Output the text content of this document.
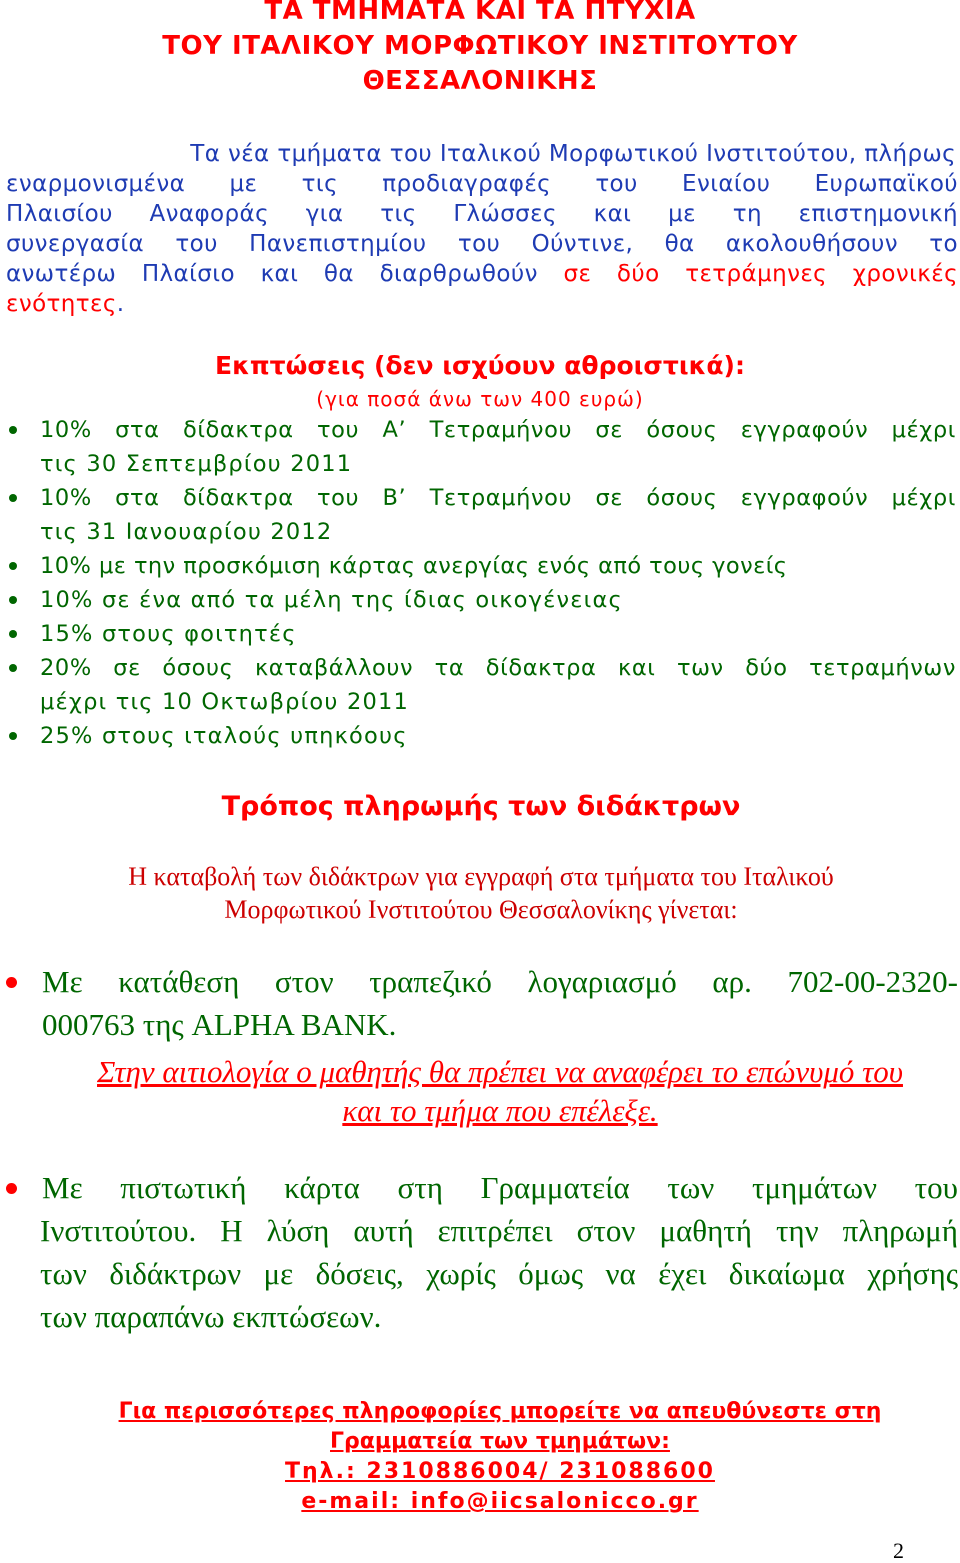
ΤΑ ΤΜΗΜΑΤΑ ΚΑΙ ΤΑ ΠΤΥΧΙΑ
ΤΟΥ ΙΤΑΛΙΚΟΥ ΜΟΡΦΩΤΙΚΟΥ ΙΝΣΤΙΤΟΥΤΟΥ
ΘΕΣΣΑΛΟΝΙΚΗΣ
Τα νέα τμήματα του Ιταλικού Μορφωτικού Ινστιτούτου, πλήρως
εναρμονισμένα με τις προδιαγραφές του Ενιαίου Ευρωπαϊκού
Πλαισίου Αναφοράς για τις Γλώσσες και με τη επιστημονική
συνεργασία του Πανεπιστημίου του Ούντινε, θα ακολουθήσουν το
ανωτέρω Πλαίσιο και θα διαρθρωθούν σε δύο τετράμηνες χρονικές
ενότητες.
Εκπτώσεις (δεν ισχύουν αθροιστικά):
(για ποσά άνω των 400 ευρώ)
10% στα δίδακτρα του Α’ Τετραμήνου σε όσους εγγραφούν μέχρι
τις 30 Σεπτεμβρίου 2011
10% στα δίδακτρα του Β’ Τετραμήνου σε όσους εγγραφούν μέχρι
τις 31 Ιανουαρίου 2012
10% με την προσκόμιση κάρτας ανεργίας ενός από τους γονείς
10% σε ένα από τα μέλη της ίδιας οικογένειας
15% στους φοιτητές
20% σε όσους καταβάλλουν τα δίδακτρα και των δύο τετραμήνων
μέχρι τις 10 Οκτωβρίου 2011
25% στους ιταλούς υπηκόους
Τρόπος πληρωμής των διδάκτρων
Η καταβολή των διδάκτρων για εγγραφή στα τμήματα του Ιταλικού
Μορφωτικού Ινστιτούτου Θεσσαλονίκης γίνεται:
Με κατάθεση στον τραπεζικό λογαριασμό αρ. 702-00-2320-
000763 της ALPHA BANK.
Στην αιτιολογία ο μαθητής θα πρέπει να αναφέρει το επώνυμό του
και το τμήμα που επέλεξε.
Με πιστωτική κάρτα στη Γραμματεία των τμημάτων του
Ινστιτούτου. Η λύση αυτή επιτρέπει στον μαθητή την πληρωμή
των διδάκτρων με δόσεις, χωρίς όμως να έχει δικαίωμα χρήσης
των παραπάνω εκπτώσεων.
Για περισσότερες πληροφορίες μπορείτε να απευθύνεστε στη
Γραμματεία των τμημάτων:
Τηλ.: 2310886004/ 231088600
e-mail: info@iicsalonicco.gr
2
